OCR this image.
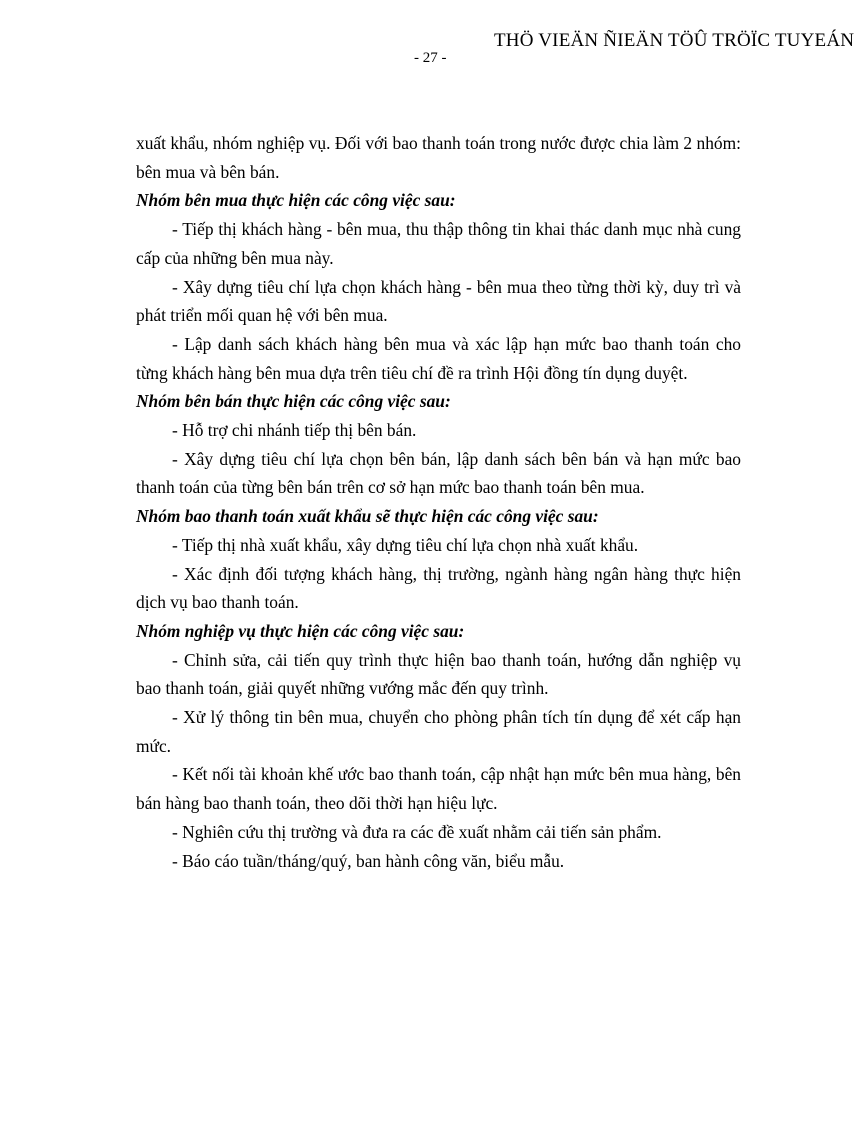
THÖ VIEÄN ÑIEÄN TÖÛ TRÖÏC TUYEÁN
- 27 -

xuất khẩu, nhóm nghiệp vụ. Đối với bao thanh toán trong nước được chia làm 2 nhóm: bên mua và bên bán.

Nhóm bên mua thực hiện các công việc sau:

- Tiếp thị khách hàng - bên mua, thu thập thông tin khai thác danh mục nhà cung cấp của những bên mua này.

- Xây dựng tiêu chí lựa chọn khách hàng - bên mua theo từng thời kỳ, duy trì và phát triển mối quan hệ với bên mua.

- Lập danh sách khách hàng bên mua và xác lập hạn mức bao thanh toán cho từng khách hàng bên mua dựa trên tiêu chí đề ra trình Hội đồng tín dụng duyệt.

Nhóm bên bán thực hiện các công việc sau:

- Hỗ trợ chi nhánh tiếp thị bên bán.

- Xây dựng tiêu chí lựa chọn bên bán, lập danh sách bên bán và hạn mức bao thanh toán của từng bên bán trên cơ sở hạn mức bao thanh toán bên mua.

Nhóm bao thanh toán xuất khẩu sẽ thực hiện các công việc sau:

- Tiếp thị nhà xuất khẩu, xây dựng tiêu chí lựa chọn nhà xuất khẩu.

- Xác định đối tượng khách hàng, thị trường, ngành hàng ngân hàng thực hiện dịch vụ bao thanh toán.

Nhóm nghiệp vụ thực hiện các công việc sau:

- Chỉnh sửa, cải tiến quy trình thực hiện bao thanh toán, hướng dẫn nghiệp vụ bao thanh toán, giải quyết những vướng mắc đến quy trình.

- Xử lý thông tin bên mua, chuyển cho phòng phân tích tín dụng để xét cấp hạn mức.

- Kết nối tài khoản khế ước bao thanh toán, cập nhật hạn mức bên mua hàng, bên bán hàng bao thanh toán, theo dõi thời hạn hiệu lực.

- Nghiên cứu thị trường và đưa ra các đề xuất nhằm cải tiến sản phẩm.

- Báo cáo tuần/tháng/quý, ban hành công văn, biểu mẫu.
